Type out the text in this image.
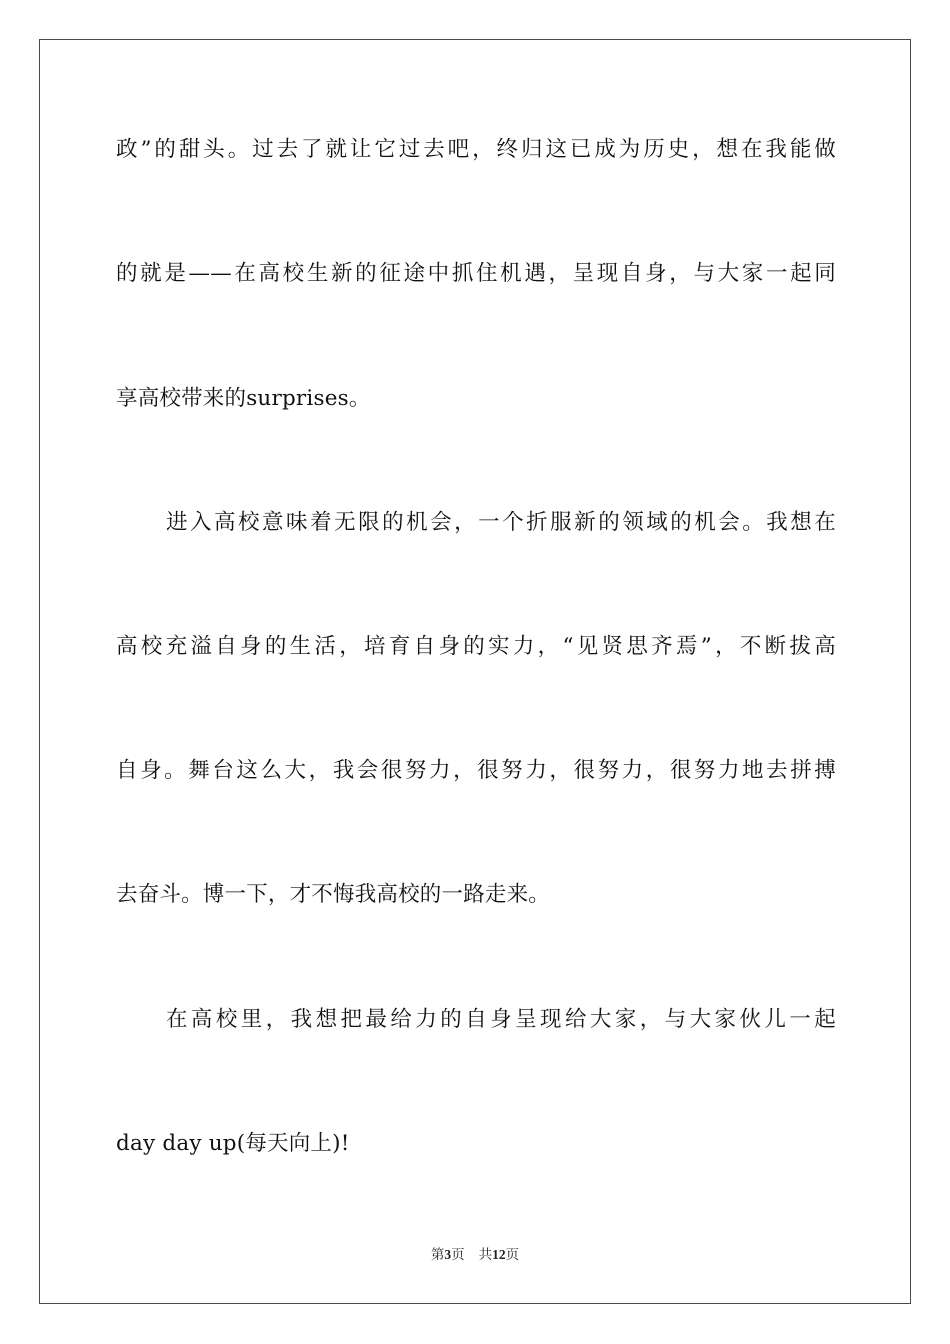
政”的甜头。过去了就让它过去吧，终归这已成为历史，想在我能做
的就是——在高校生新的征途中抓住机遇，呈现自身，与大家一起同
享高校带来的surprises。
进入高校意味着无限的机会，一个折服新的领域的机会。我想在
高校充溢自身的生活，培育自身的实力，“见贤思齐焉”，不断拔高
自身。舞台这么大，我会很努力，很努力，很努力，很努力地去拼搏
去奋斗。博一下，才不悔我高校的一路走来。
在高校里，我想把最给力的自身呈现给大家，与大家伙儿一起
day day up(每天向上)!
第3页 共12页
